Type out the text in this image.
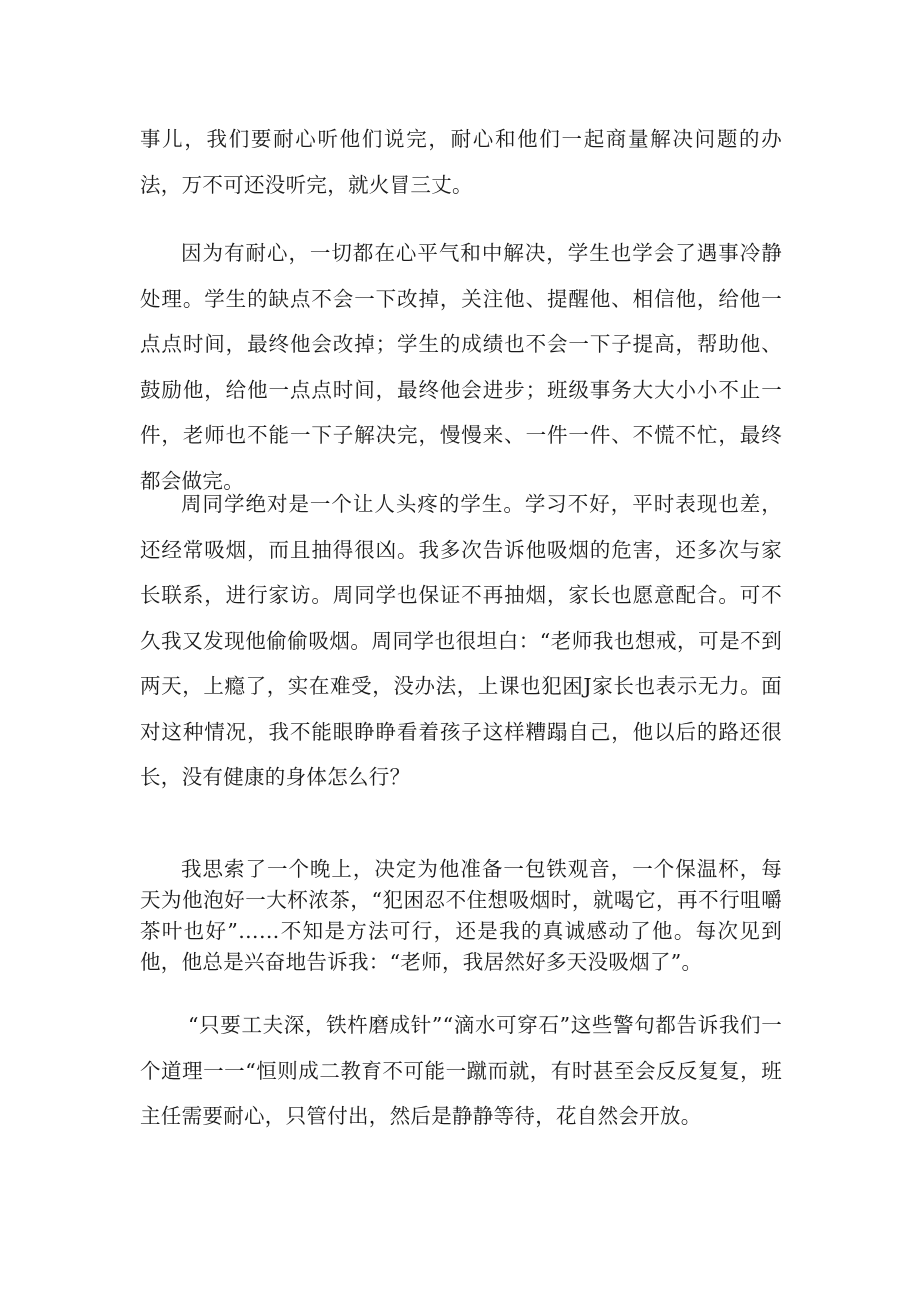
事儿，我们要耐心听他们说完，耐心和他们一起商量解决问题的办法，万不可还没听完，就火冒三丈。

因为有耐心，一切都在心平气和中解决，学生也学会了遇事冷静处理。学生的缺点不会一下改掉，关注他、提醒他、相信他，给他一点点时间，最终他会改掉；学生的成绩也不会一下子提高，帮助他、鼓励他，给他一点点时间，最终他会进步；班级事务大大小小不止一件，老师也不能一下子解决完，慢慢来、一件一件、不慌不忙，最终都会做完。

周同学绝对是一个让人头疼的学生。学习不好，平时表现也差，还经常吸烟，而且抽得很凶。我多次告诉他吸烟的危害，还多次与家长联系，进行家访。周同学也保证不再抽烟，家长也愿意配合。可不久我又发现他偷偷吸烟。周同学也很坦白：“老师我也想戒，可是不到两天，上瘾了，实在难受，没办法，上课也犯困J家长也表示无力。面对这种情况，我不能眼睁睁看着孩子这样糟蹋自己，他以后的路还很长，没有健康的身体怎么行？

我思索了一个晚上，决定为他准备一包铁观音，一个保温杯，每天为他泡好一大杯浓茶，“犯困忍不住想吸烟时，就喝它，再不行咀嚼茶叶也好”……不知是方法可行，还是我的真诚感动了他。每次见到他，他总是兴奋地告诉我：“老师，我居然好多天没吸烟了”。

“只要工夫深，铁杵磨成针”“滴水可穿石”这些警句都告诉我们一个道理一一“恒则成二教育不可能一蹴而就，有时甚至会反反复复，班主任需要耐心，只管付出，然后是静静等待，花自然会开放。
